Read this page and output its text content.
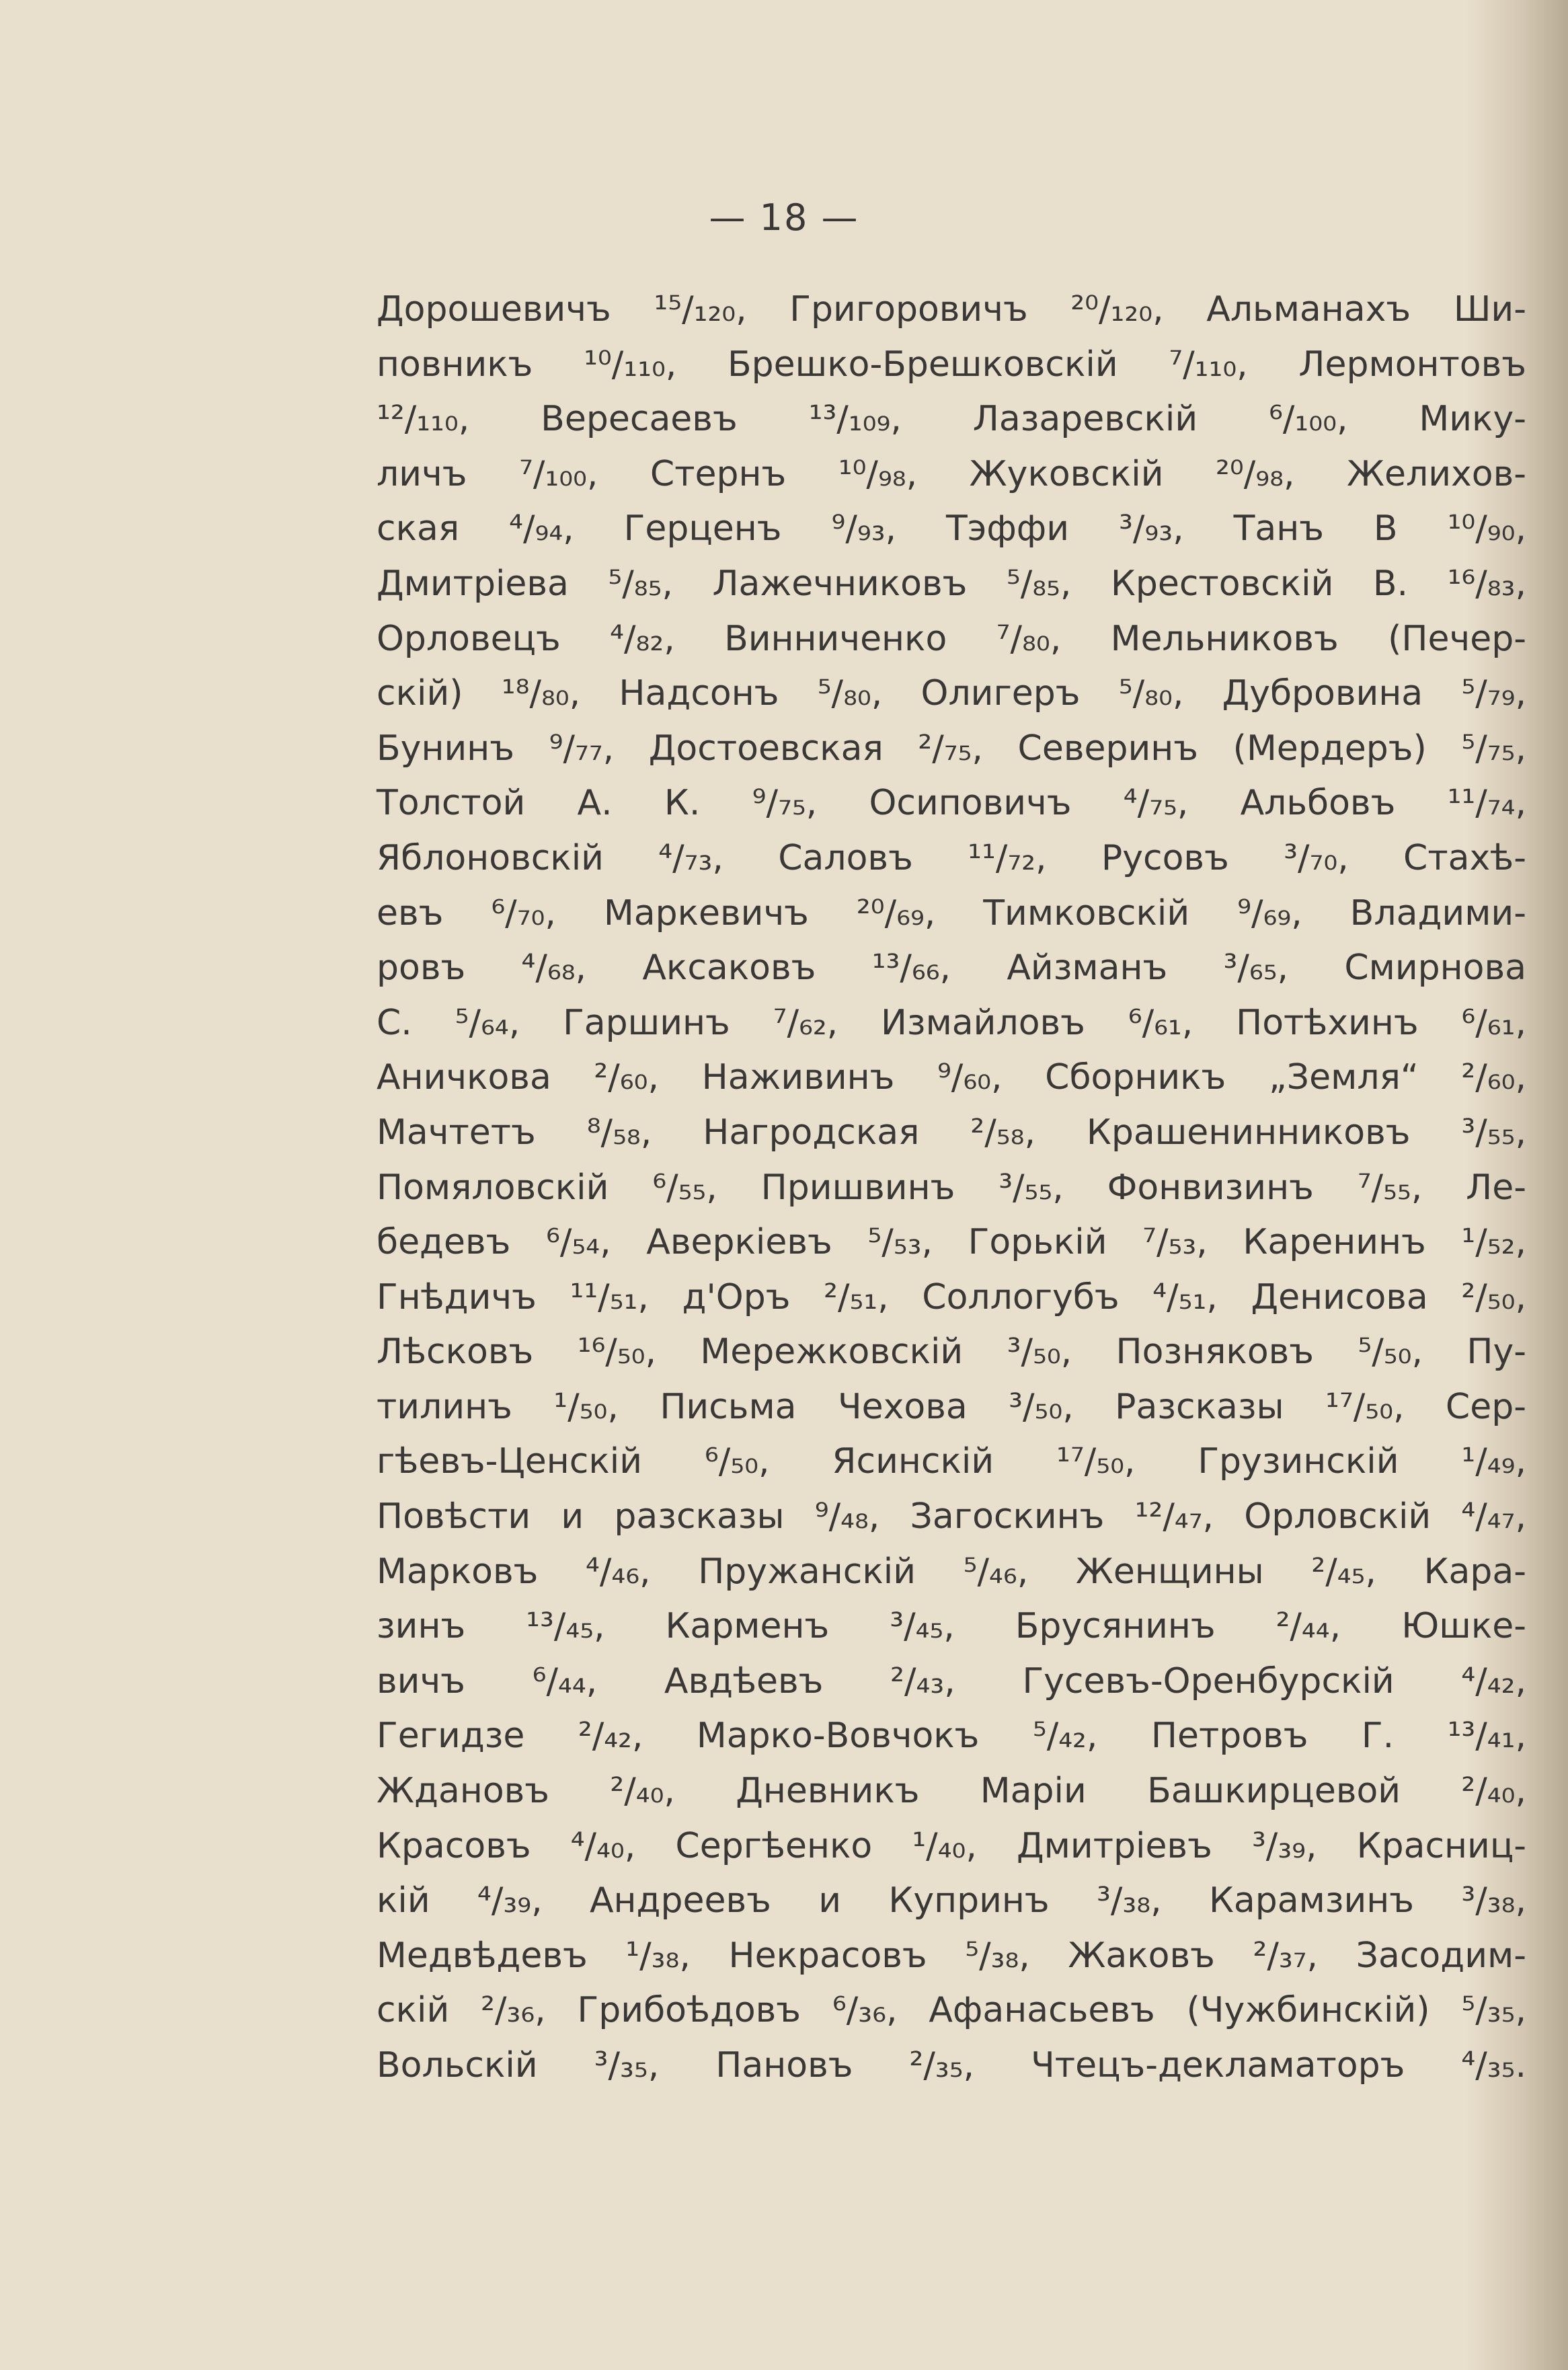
— 18 —
Дорошевичъ ¹⁵/₁₂₀, Григоровичъ ²⁰/₁₂₀, Альманахъ Ши-
повникъ ¹⁰/₁₁₀, Брешко-Брешковскій ⁷/₁₁₀, Лермонтовъ
¹²/₁₁₀, Вересаевъ ¹³/₁₀₉, Лазаревскій ⁶/₁₀₀, Мику-
личъ ⁷/₁₀₀, Стернъ ¹⁰/₉₈, Жуковскій ²⁰/₉₈, Желихов-
ская ⁴/₉₄, Герценъ ⁹/₉₃, Тэффи ³/₉₃, Танъ В ¹⁰/₉₀,
Дмитріева ⁵/₈₅, Лажечниковъ ⁵/₈₅, Крестовскій В. ¹⁶/₈₃,
Орловецъ ⁴/₈₂, Винниченко ⁷/₈₀, Мельниковъ (Печер-
скій) ¹⁸/₈₀, Надсонъ ⁵/₈₀, Олигеръ ⁵/₈₀, Дубровина ⁵/₇₉,
Бунинъ ⁹/₇₇, Достоевская ²/₇₅, Северинъ (Мердеръ) ⁵/₇₅,
Толстой А. К. ⁹/₇₅, Осиповичъ ⁴/₇₅, Альбовъ ¹¹/₇₄,
Яблоновскій ⁴/₇₃, Саловъ ¹¹/₇₂, Русовъ ³/₇₀, Стахѣ-
евъ ⁶/₇₀, Маркевичъ ²⁰/₆₉, Тимковскій ⁹/₆₉, Владими-
ровъ ⁴/₆₈, Аксаковъ ¹³/₆₆, Айзманъ ³/₆₅, Смирнова
С. ⁵/₆₄, Гаршинъ ⁷/₆₂, Измайловъ ⁶/₆₁, Потѣхинъ ⁶/₆₁,
Аничкова ²/₆₀, Наживинъ ⁹/₆₀, Сборникъ „Земля“ ²/₆₀,
Мачтетъ ⁸/₅₈, Нагродская ²/₅₈, Крашенинниковъ ³/₅₅,
Помяловскій ⁶/₅₅, Пришвинъ ³/₅₅, Фонвизинъ ⁷/₅₅, Ле-
бедевъ ⁶/₅₄, Аверкіевъ ⁵/₅₃, Горькій ⁷/₅₃, Каренинъ ¹/₅₂,
Гнѣдичъ ¹¹/₅₁, д'Оръ ²/₅₁, Соллогубъ ⁴/₅₁, Денисова ²/₅₀,
Лѣсковъ ¹⁶/₅₀, Мережковскій ³/₅₀, Позняковъ ⁵/₅₀, Пу-
тилинъ ¹/₅₀, Письма Чехова ³/₅₀, Разсказы ¹⁷/₅₀, Сер-
гѣевъ-Ценскій ⁶/₅₀, Ясинскій ¹⁷/₅₀, Грузинскій ¹/₄₉,
Повѣсти и разсказы ⁹/₄₈, Загоскинъ ¹²/₄₇, Орловскій ⁴/₄₇,
Марковъ ⁴/₄₆, Пружанскій ⁵/₄₆, Женщины ²/₄₅, Кара-
зинъ ¹³/₄₅, Карменъ ³/₄₅, Брусянинъ ²/₄₄, Юшке-
вичъ ⁶/₄₄, Авдѣевъ ²/₄₃, Гусевъ-Оренбурскій ⁴/₄₂,
Гегидзе ²/₄₂, Марко-Вовчокъ ⁵/₄₂, Петровъ Г. ¹³/₄₁,
Ждановъ ²/₄₀, Дневникъ Маріи Башкирцевой ²/₄₀,
Красовъ ⁴/₄₀, Сергѣенко ¹/₄₀, Дмитріевъ ³/₃₉, Красниц-
кій ⁴/₃₉, Андреевъ и Купринъ ³/₃₈, Карамзинъ ³/₃₈,
Медвѣдевъ ¹/₃₈, Некрасовъ ⁵/₃₈, Жаковъ ²/₃₇, Засодим-
скій ²/₃₆, Грибоѣдовъ ⁶/₃₆, Афанасьевъ (Чужбинскій) ⁵/₃₅,
Вольскій ³/₃₅, Пановъ ²/₃₅, Чтецъ-декламаторъ ⁴/₃₅.
